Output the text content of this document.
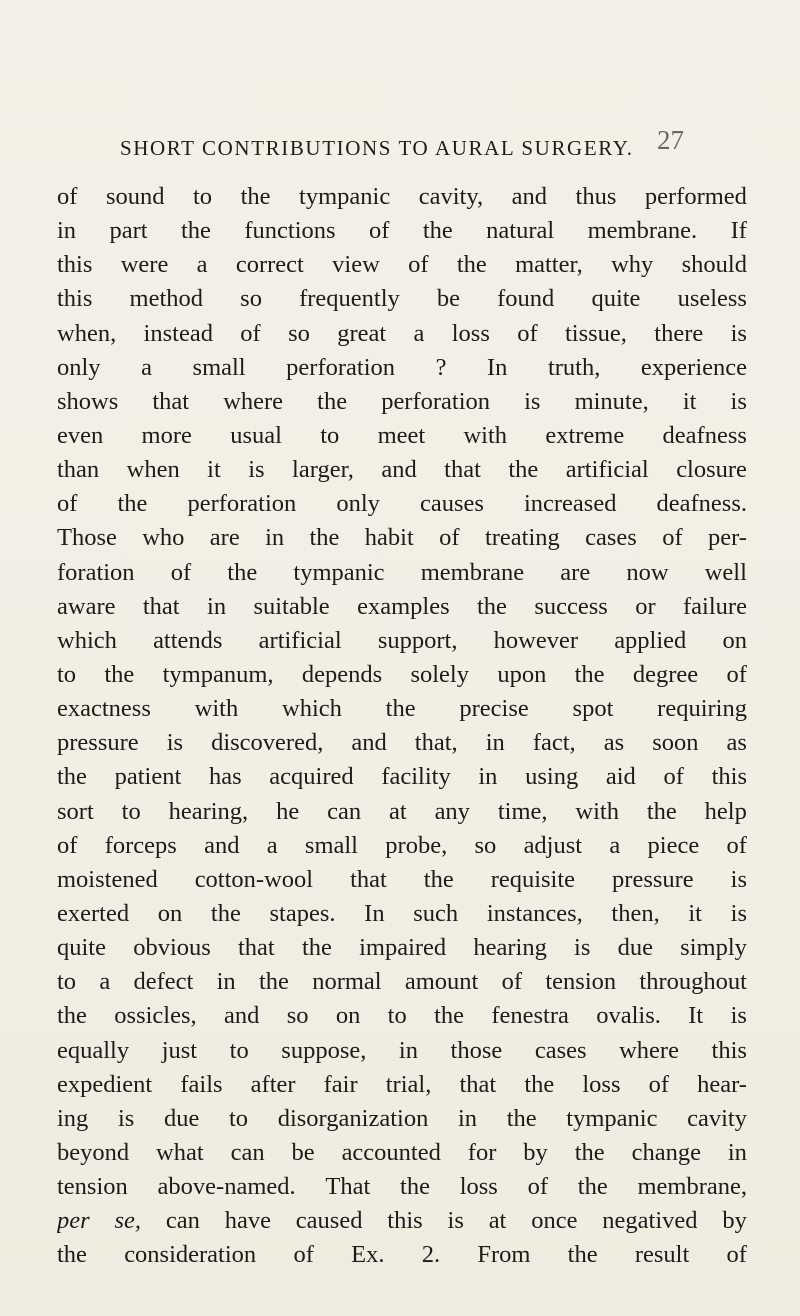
SHORT CONTRIBUTIONS TO AURAL SURGERY. 27
of sound to the tympanic cavity, and thus performed
in part the functions of the natural membrane. If
this were a correct view of the matter, why should
this method so frequently be found quite useless
when, instead of so great a loss of tissue, there is
only a small perforation ? In truth, experience
shows that where the perforation is minute, it is
even more usual to meet with extreme deafness
than when it is larger, and that the artificial closure
of the perforation only causes increased deafness.
Those who are in the habit of treating cases of per-
foration of the tympanic membrane are now well
aware that in suitable examples the success or failure
which attends artificial support, however applied on
to the tympanum, depends solely upon the degree of
exactness with which the precise spot requiring
pressure is discovered, and that, in fact, as soon as
the patient has acquired facility in using aid of this
sort to hearing, he can at any time, with the help
of forceps and a small probe, so adjust a piece of
moistened cotton-wool that the requisite pressure is
exerted on the stapes. In such instances, then, it is
quite obvious that the impaired hearing is due simply
to a defect in the normal amount of tension throughout
the ossicles, and so on to the fenestra ovalis. It is
equally just to suppose, in those cases where this
expedient fails after fair trial, that the loss of hear-
ing is due to disorganization in the tympanic cavity
beyond what can be accounted for by the change in
tension above-named. That the loss of the membrane,
per se, can have caused this is at once negatived by
the consideration of Ex. 2. From the result of
